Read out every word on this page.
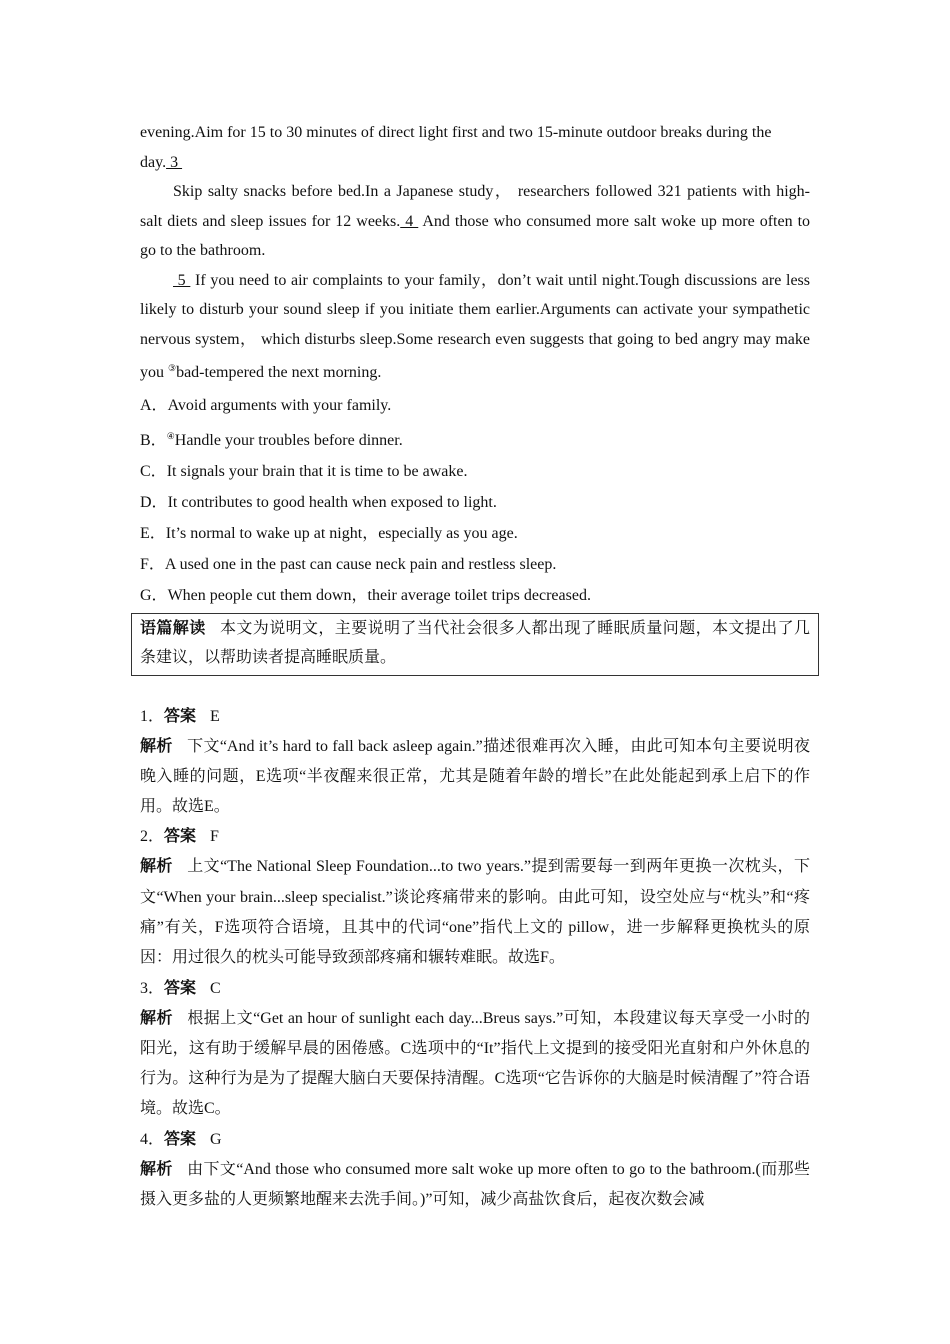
evening.Aim for 15 to 30 minutes of direct light first and two 15-minute outdoor breaks during the
day. 3

Skip salty snacks before bed.In a Japanese study， researchers followed 321 patients with high-salt diets and sleep issues for 12 weeks. 4  And those who consumed more salt woke up more often to go to the bathroom.

5  If you need to air complaints to your family，don’t wait until night.Tough discussions are less likely to disturb your sound sleep if you initiate them earlier.Arguments can activate your sympathetic nervous system， which disturbs sleep.Some research even suggests that going to bed angry may make you ③bad-tempered the next morning.

A．Avoid arguments with your family.

B．④Handle your troubles before dinner.

C．It signals your brain that it is time to be awake.

D．It contributes to good health when exposed to light.

E．It’s normal to wake up at night，especially as you age.

F．A used one in the past can cause neck pain and restless sleep.

G．When people cut them down，their average toilet trips decreased.

语篇解读 本文为说明文，主要说明了当代社会很多人都出现了睡眠质量问题，本文提出了几条建议，以帮助读者提高睡眠质量。

1．答案 E

解析 下文“And it’s hard to fall back asleep again.”描述很难再次入睡，由此可知本句主要说明夜晚入睡的问题，E选项“半夜醒来很正常，尤其是随着年龄的增长”在此处能起到承上启下的作用。故选E。

2．答案 F

解析 上文“The National Sleep Foundation...to two years.”提到需要每一到两年更换一次枕头，下文“When your brain...sleep specialist.”谈论疼痛带来的影响。由此可知，设空处应与“枕头”和“疼痛”有关，F选项符合语境，且其中的代词“one”指代上文的 pillow，进一步解释更换枕头的原因：用过很久的枕头可能导致颈部疼痛和辗转难眠。故选F。

3．答案 C

解析 根据上文“Get an hour of sunlight each day...Breus says.”可知，本段建议每天享受一小时的阳光，这有助于缓解早晨的困倦感。C选项中的“It”指代上文提到的接受阳光直射和户外休息的行为。这种行为是为了提醒大脑白天要保持清醒。C选项“它告诉你的大脑是时候清醒了”符合语境。故选C。

4．答案 G

解析 由下文“And those who consumed more salt woke up more often to go to the bathroom.(而那些摄入更多盐的人更频繁地醒来去洗手间。)”可知，减少高盐饮食后，起夜次数会减
